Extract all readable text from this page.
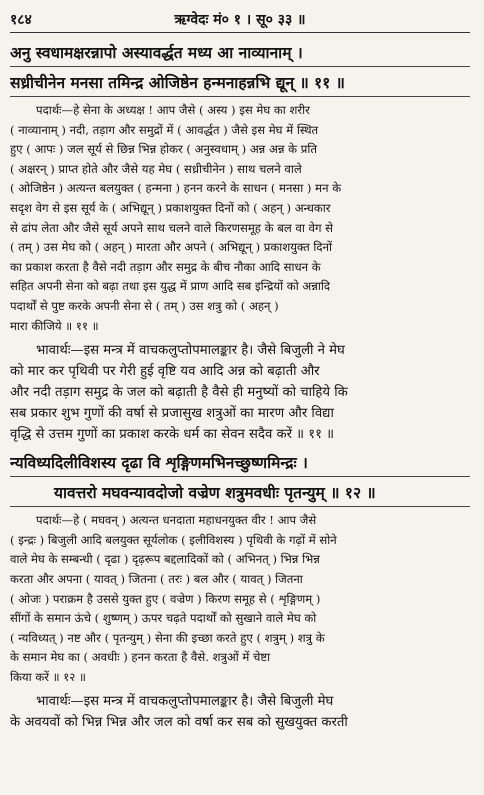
१८४	ऋग्वेदः मं० १ । सू० ३३ ॥
अनु स्वधामक्षरन्नापो अस्यावर्द्धत मध्य आ नाव्यानाम् ।
सध्रीचीनेन मनसा तमिन्द्र ओजिष्ठेन हन्मनाहन्नभि द्यून् ॥ ११ ॥
पदार्थः—हे सेना के अध्यक्ष ! आप जैसे ( अस्य ) इस मेघ का शरीर
( नाव्यानाम् ) नदी, तड़ाग और समुद्रों में ( आवर्द्धत ) जैसे इस मेघ में स्थित
हुए ( आपः ) जल सूर्य से छिन्न भिन्न होकर ( अनुस्वधाम् ) अन्न अन्न के प्रति
( अक्षरन् ) प्राप्त होते और जैसे यह मेघ ( सध्रीचीनेन ) साथ चलने वाले
( ओजिष्ठेन ) अत्यन्त बलयुक्त ( हन्मना ) हनन करने के साधन ( मनसा ) मन के
सदृश वेग से इस सूर्य के ( अभिद्यून् ) प्रकाशयुक्त दिनों को ( अहन् ) अन्धकार
से ढांप लेता और जैसे सूर्य अपने साथ चलने वाले किरणसमूह के बल वा वेग से
( तम् ) उस मेघ को ( अहन् ) मारता और अपने ( अभिद्यून् ) प्रकाशयुक्त दिनों
का प्रकाश करता है वैसे नदी तड़ाग और समुद्र के बीच नौका आदि साधन के
सहित अपनी सेना को बढ़ा तथा इस युद्ध में प्राण आदि सब इन्द्रियों को अन्नादि
पदार्थों से पुष्ट करके अपनी सेना से ( तम् ) उस शत्रु को ( अहन् )
मारा कीजिये ॥ ११ ॥
भावार्थः—इस मन्त्र में वाचकलुप्तोपमालङ्कार है। जैसे बिजुली ने मेघ
को मार कर पृथिवी पर गेरी हुई वृष्टि यव आदि अन्न को बढ़ाती और
और नदी तड़ाग समुद्र के जल को बढ़ाती है वैसे ही मनुष्यों को चाहिये कि
सब प्रकार शुभ गुणों की वर्षा से प्रजासुख शत्रुओं का मारण और विद्या
वृद्धि से उत्तम गुणों का प्रकाश करके धर्म का सेवन सदैव करें ॥ ११ ॥
न्यविध्यदिलीविशस्य दृढा वि शृङ्गिणमभिनच्छुष्णमिन्द्रः ।
यावत्तरो मघवन्यावदोजो वज्रेण शत्रुमवधीः पृतन्युम् ॥ १२ ॥
पदार्थः—हे ( मघवन् ) अत्यन्त धनदाता महाधनयुक्त वीर ! आप जैसे
( इन्द्रः ) बिजुली आदि बलयुक्त सूर्यलोक ( इलीविशस्य ) पृथिवी के गढ़ों में सोने
वाले मेघ के सम्बन्धी ( दृढा ) दृढ़रूप बद्दलादिकों को ( अभिनत् ) भिन्न भिन्न
करता और अपना ( यावत् ) जितना ( तरः ) बल और ( यावत् ) जितना
( ओजः ) पराक्रम है उससे युक्त हुए ( वज्रेण ) किरण समूह से ( शृङ्गिणम् )
सींगों के समान ऊंचे ( शुष्णम् ) ऊपर चढ़ते पदार्थों को सुखाने वाले मेघ को
( न्यविध्यत् ) नष्ट और ( पृतन्युम् ) सेना की इच्छा करते हुए ( शत्रुम् ) शत्रु के
के समान मेघ का ( अवधीः ) हनन करता है वैसे. शत्रुओं में चेष्टा
किया करें ॥ १२ ॥
भावार्थः—इस मन्त्र में वाचकलुप्तोपमालङ्कार है। जैसे बिजुली मेघ
के अवयवों को भिन्न भिन्न और जल को वर्षा कर सब को सुखयुक्त करती
